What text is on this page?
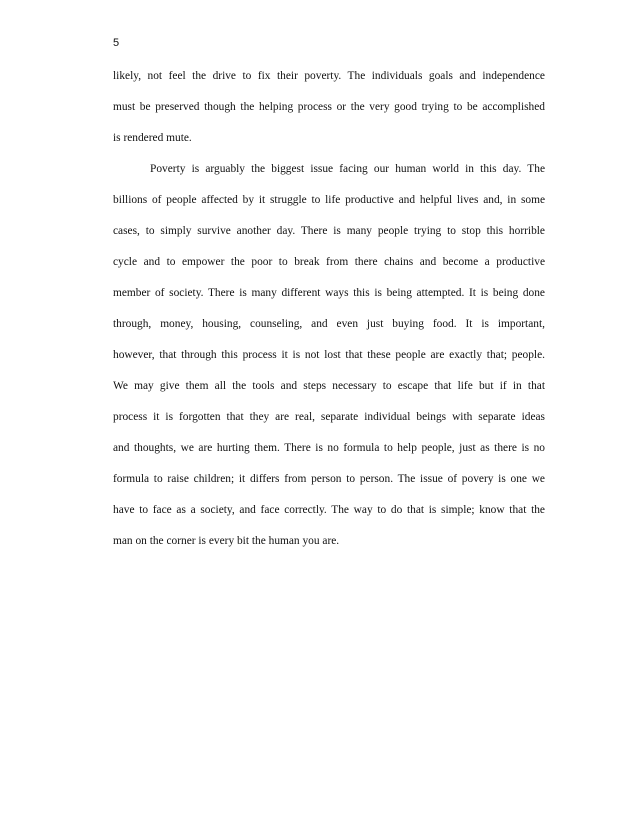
5
likely, not feel the drive to fix their poverty. The individuals goals and independence
must be preserved though the helping process or the very good trying to be accomplished
is rendered mute.
Poverty is arguably the biggest issue facing our human world in this day. The
billions of people affected by it struggle to life productive and helpful lives and, in some
cases, to simply survive another day. There is many people trying to stop this horrible
cycle and to empower the poor to break from there chains and become a productive
member of society. There is many different ways this is being attempted. It is being done
through, money, housing, counseling, and even just buying food. It is important,
however, that through this process it is not lost that these people are exactly that; people.
We may give them all the tools and steps necessary to escape that life but if in that
process it is forgotten that they are real, separate individual beings with separate ideas
and thoughts, we are hurting them. There is no formula to help people, just as there is no
formula to raise children; it differs from person to person. The issue of povery is one we
have to face as a society, and face correctly. The way to do that is simple; know that the
man on the corner is every bit the human you are.
